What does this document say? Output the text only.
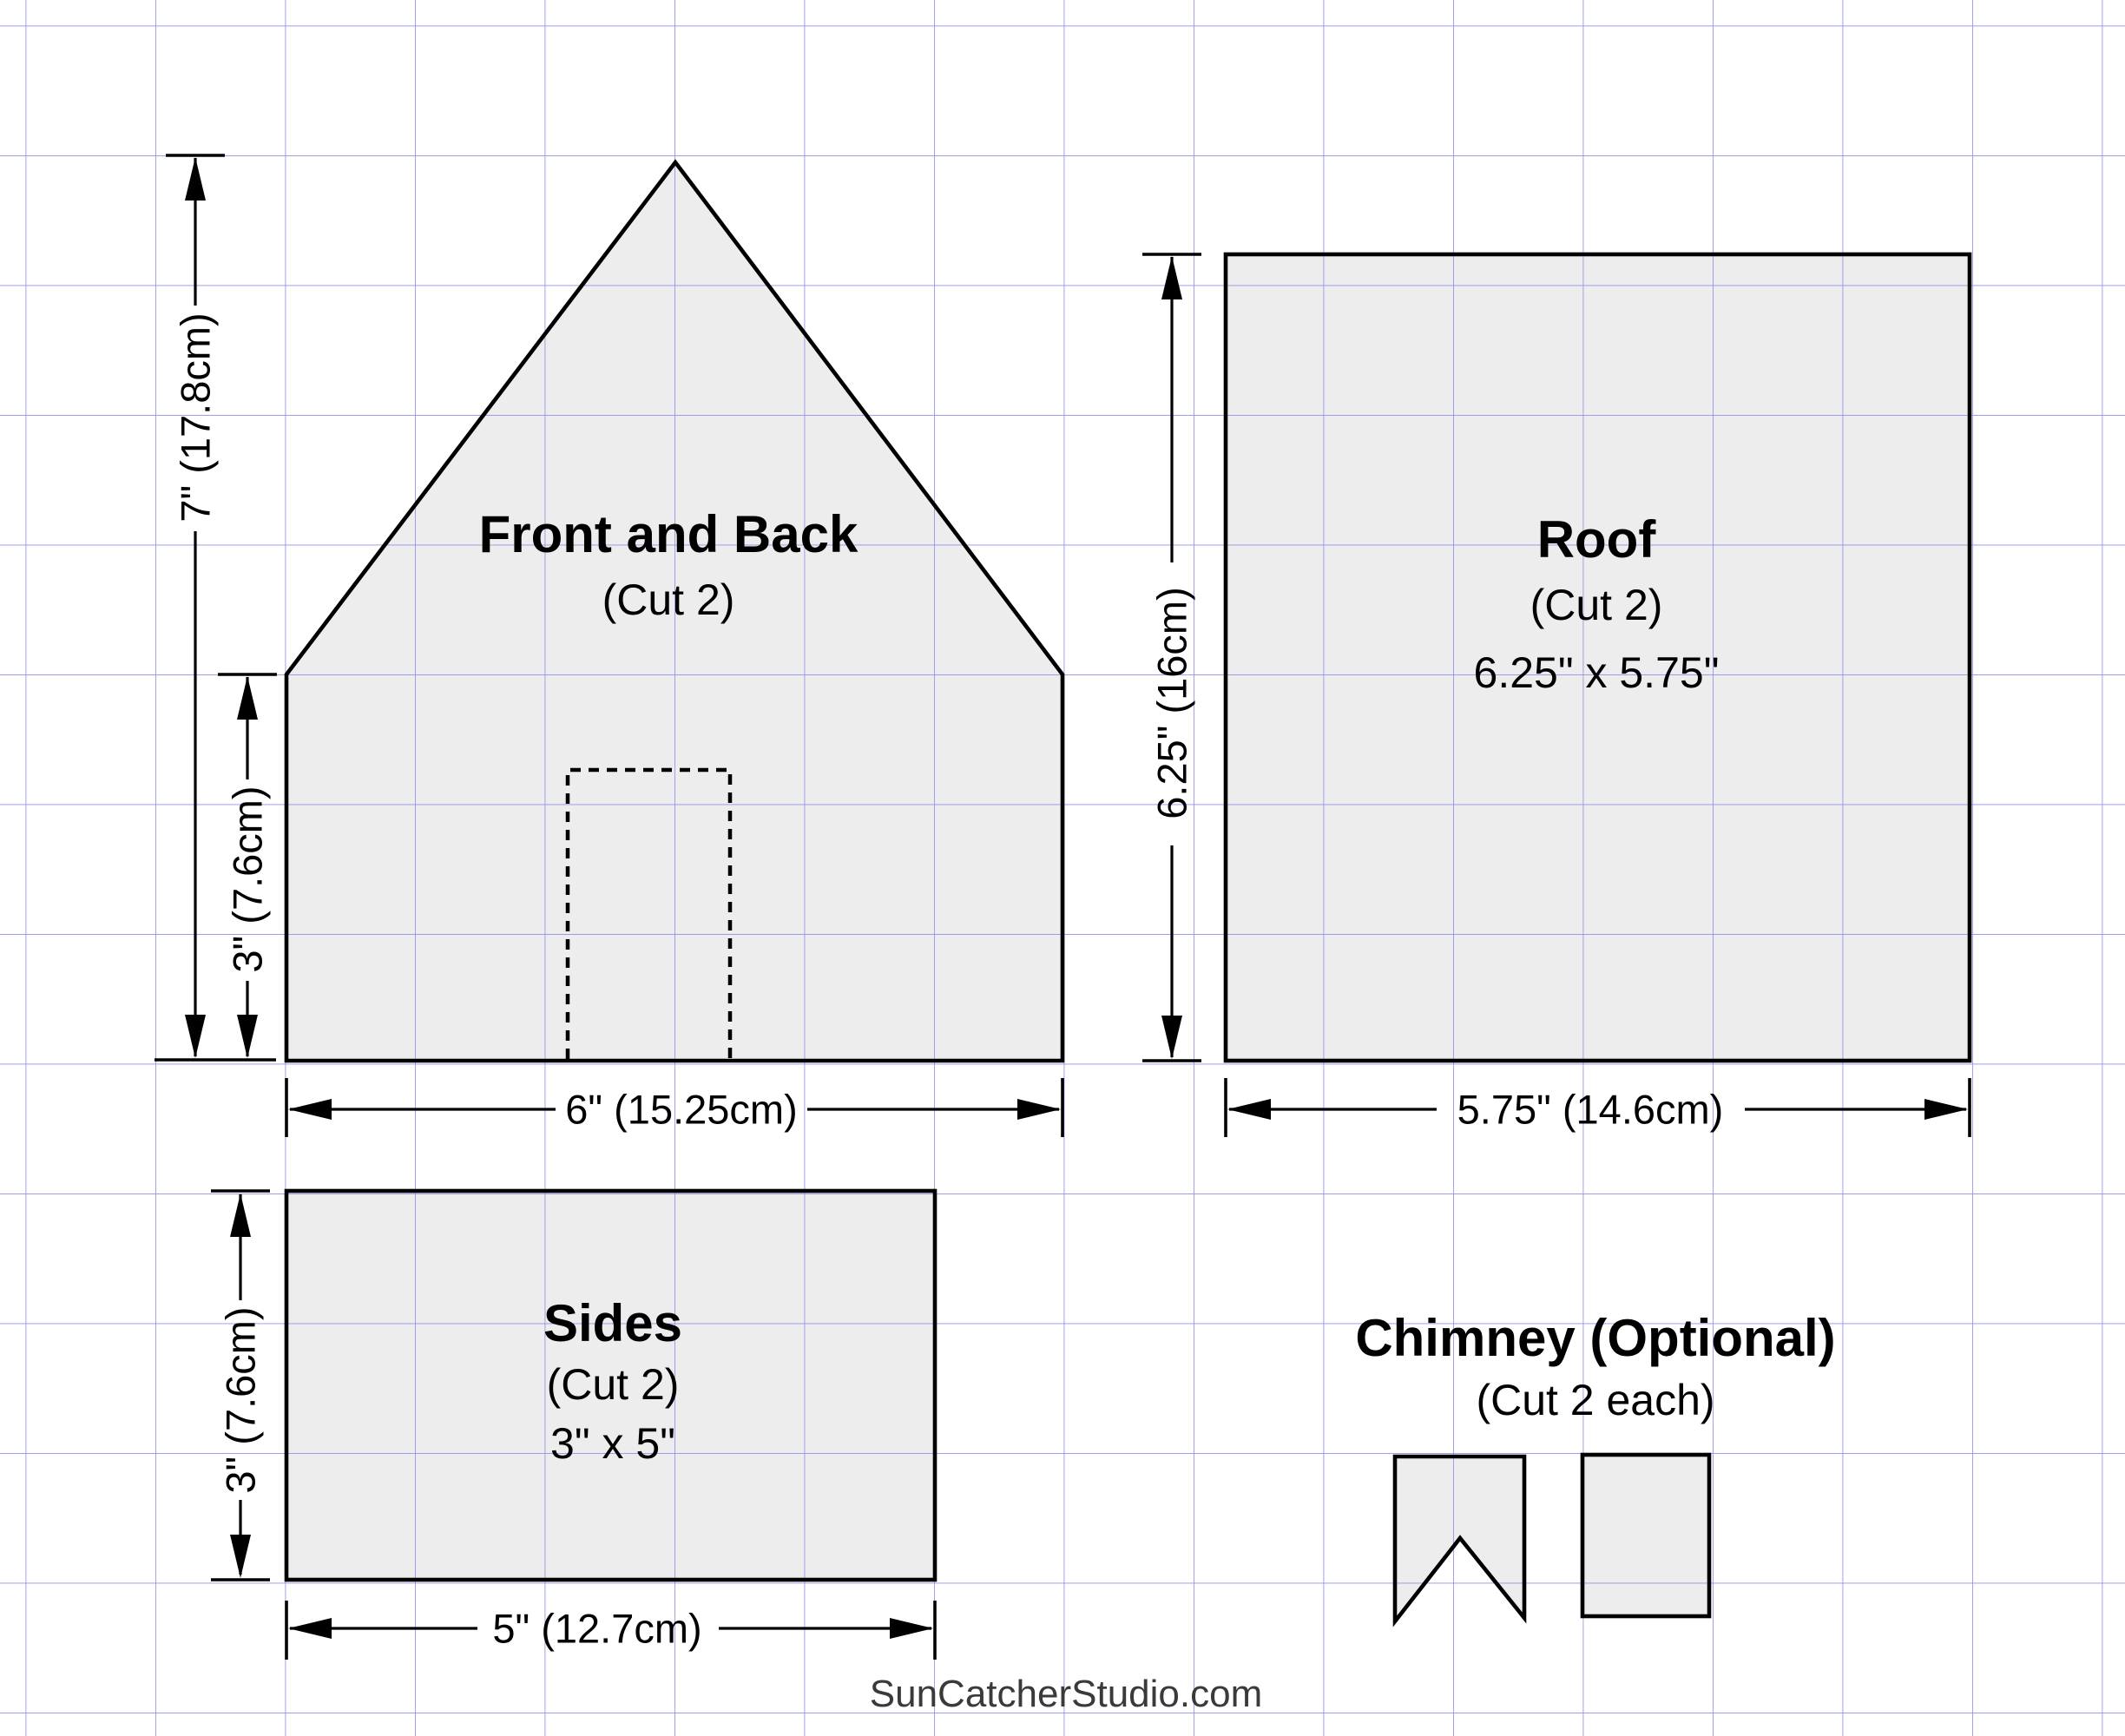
7" (17.8cm)
3" (7.6cm)
6" (15.25cm)
6.25" (16cm)
5.75" (14.6cm)
3" (7.6cm)
5" (12.7cm)
Front and Back
(Cut 2)
Roof
(Cut 2)
6.25" x 5.75"
Sides
(Cut 2)
3" x 5"
Chimney (Optional)
(Cut 2 each)
SunCatcherStudio.com
